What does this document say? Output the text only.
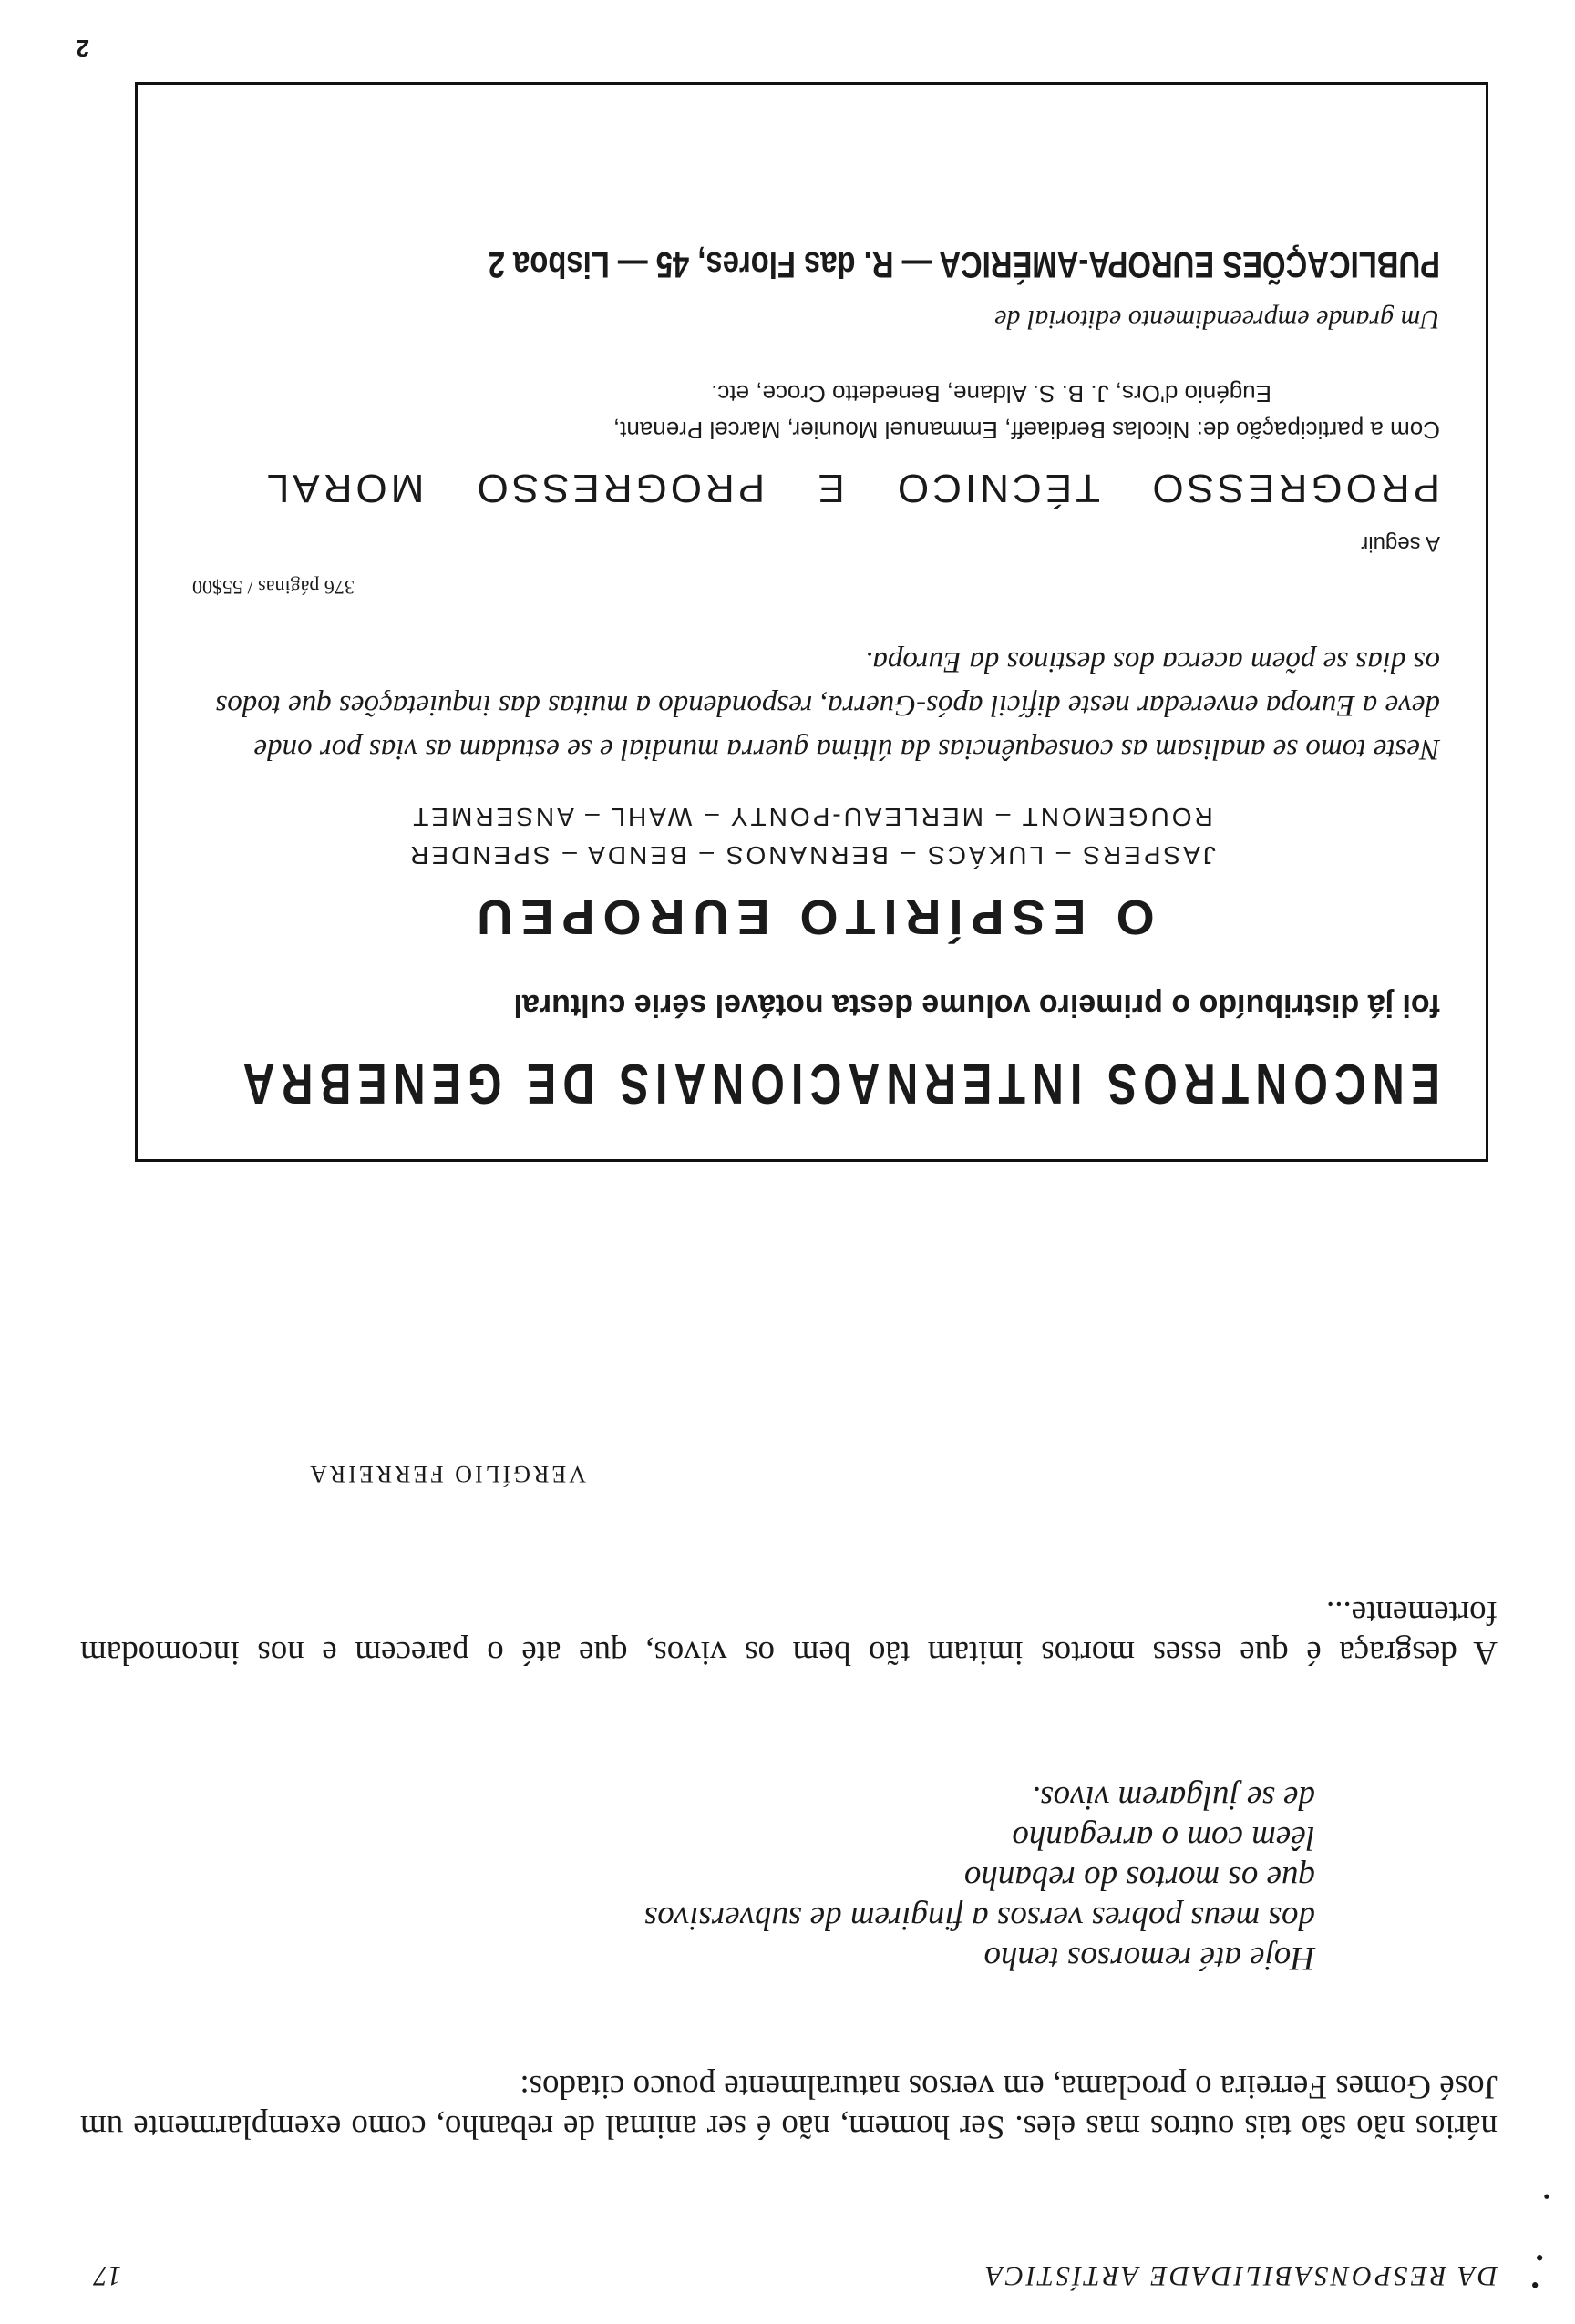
•
•
•
DA RESPONSABILIDADE ARTÍSTICA
17

nários não são tais outros mas eles. Ser homem, não é ser animal de rebanho, como exemplarmente um José Gomes Ferreira o proclama, em versos naturalmente pouco citados:

Hoje até remorsos tenho
dos meus pobres versos a fingirem de subversivos
que os mortos do rebanho
lêem com o arreganho
de se julgarem vivos.

A desgraça é que esses mortos imitam tão bem os vivos, que até o parecem e nos incomodam fortemente...

VERGÍLIO FERREIRA
ENCONTROS INTERNACIONAIS DE GENEBRA
foi já distribuído o primeiro volume desta notável série cultural
O ESPÍRITO EUROPEU
JASPERS – LUKÁCS – BERNANOS – BENDA – SPENDER
ROUGEMONT – MERLEAU-PONTY – WAHL – ANSERMET
Neste tomo se analisam as consequências da última guerra mundial e se estudam as vias por onde deve a Europa enveredar neste difícil após-Guerra, respondendo a muitas das inquietações que todos os dias se põem acerca dos destinos da Europa.
376 páginas / 55$00
A seguir
PROGRESSO TÉCNICO E PROGRESSO MORAL
Com a participação de: Nicolas Berdiaeff, Emmanuel Mounier, Marcel Prenant,
Eugénio d'Ors, J. B. S. Aldane, Benedetto Croce, etc.
Um grande empreendimento editorial de
PUBLICAÇÕES EUROPA-AMÉRICA — R. das Flores, 45 — Lisboa 2
2
